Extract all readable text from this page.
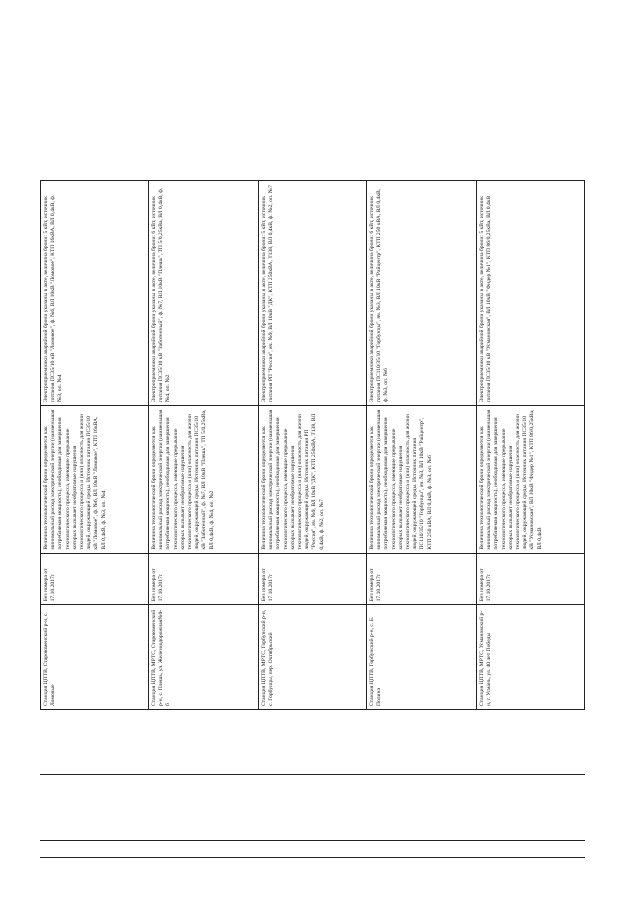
Станция ЦПТВ, Староюменский р-н, с. Ломовые
Без номера от 17.10.2017г
Величина технологической брони определяется как минимальный расход электрической энергии (наименьшая потребляемая мощность), необходимая для завершения технологического процесса, имеющие прерывание которых вызывает необратимые нарушения технологического процесса и (или) опасность для жизни людей, окружающей среды. Источник питания ПС35/10 кВ "Ломовое", ф. №6, ВЛ 10кВ "Ломовое", КТП 16кВА, ВЛ 0,4кВ, ф. №3, оп. №4
Электроприемники аварийной брони указаны в акте, величина брони: 5 кВт, источник питания ПС35/10 кВ "Ломовое", ф. №6, ВЛ 10кВ "Ломовое", КТП 16кВА, ВЛ 0,4кВ, ф. №3, оп. №4
Станция ЦПТВ, МРТС, Староюменский р-н, с. Плешь, ул. Железнодорожная№9-б
Без номера от 17.10.2017г
Величина технологической брони определяется как минимальный расход электрической энергии (наименьшая потребляемая мощность), необходимая для завершения технологического процесса, имеющие прерывание которых вызывает необратимые нарушения технологического процесса и (или) опасность для жизни людей, окружающей среды. Источник питания ПС35/10 кВ "Заботенный", ф. №7, ВЛ 10кВ "Плешь", ТП 5/0,25кВа, ВЛ 0,4кВ, ф. №4, оп. №2
Электроприемники аварийной брони указаны в акте, величина брони: 6 кВт, источник питания ПС35/10 кВ "Заботенный", ф. №7, ВЛ 10кВ "Плешь", ТП 5/0,25кВа, ВЛ 0,4кВ, ф. №4, оп. №2
Станция ЦПТВ, МРТС, Горбунский р-н, с. Горбунцы, пер. Октябрьский
Без номера от 17.10.2017г
Величина технологической брони определяется как минимальный расход электрической энергии (наименьшая потребляемая мощность), необходимая для завершения технологического процесса, имеющие прерывание которых вызывает необратимые нарушения технологического процесса и (или) опасность для жизни людей, окружающей среды. Источник питания РП "Россия", яч. №9, ВЛ 10кВ "ДК", КТП 250кВА, Т138, ВЛ 0,4кВ, ф. №2, оп. №7
Электроприемники аварийной брони указаны в акте, величина брони: 5 кВт, источник питания РП "Россия", яч. №9, ВЛ 10кВ "ДК", КТП 250кВА, Т138, ВЛ 0,4кВ, ф. №2, оп. №7
Станция ЦПТВ, Горбунский р-н, с. Б. Полина
Без номера от 17.10.2017г
Величина технологической брони определяется как минимальный расход электрической энергии (наименьшая потребляемая мощность), необходимая для завершения технологического процесса, имеющие прерывание которых вызывает необратимые нарушения технологического процесса и (или) опасность для жизни людей, окружающей среды. Источник питания ПС110/35/10 "Горбунцы", яч. №3, ВЛ 10кВ "Райцентр", КТП 250 кВА, ВЛ 0,4кВ, ф. №3, оп. №6
Электроприемники аварийной брони указаны в акте, величина брони: 6 кВт, источник питания ПС110/35/10 "Горбунцы", яч. №3, ВЛ 10кВ "Райцентр", КТП 250 кВА, ВЛ 0,4кВ, ф. №3, оп. №6
Станция ЦПТВ, МРТС, Усмановский р-н, г. Усмань, ул. 40 лет Победы
Без номера от 17.10.2017г
Величина технологической брони определяется как минимальный расход электрической энергии (наименьшая потребляемая мощность), необходимая для завершения технологического процесса, имеющие прерывание которых вызывает необратимые нарушения технологического процесса и (или) опасность для жизни людей, окружающей среды. Источник питания ПС35/10 кВ "Усмановская", ВЛ 10кВ "Фидер №1", КТП 86/0,25кВа, ВЛ 0,4кВ
Электроприемники аварийной брони указаны в акте, величина брони: 5 кВт, источник питания ПС35/10 кВ "Усмановская", ВЛ 10кВ "Фидер №1", КТП 86/0,25кВа, ВЛ 0,4кВ
